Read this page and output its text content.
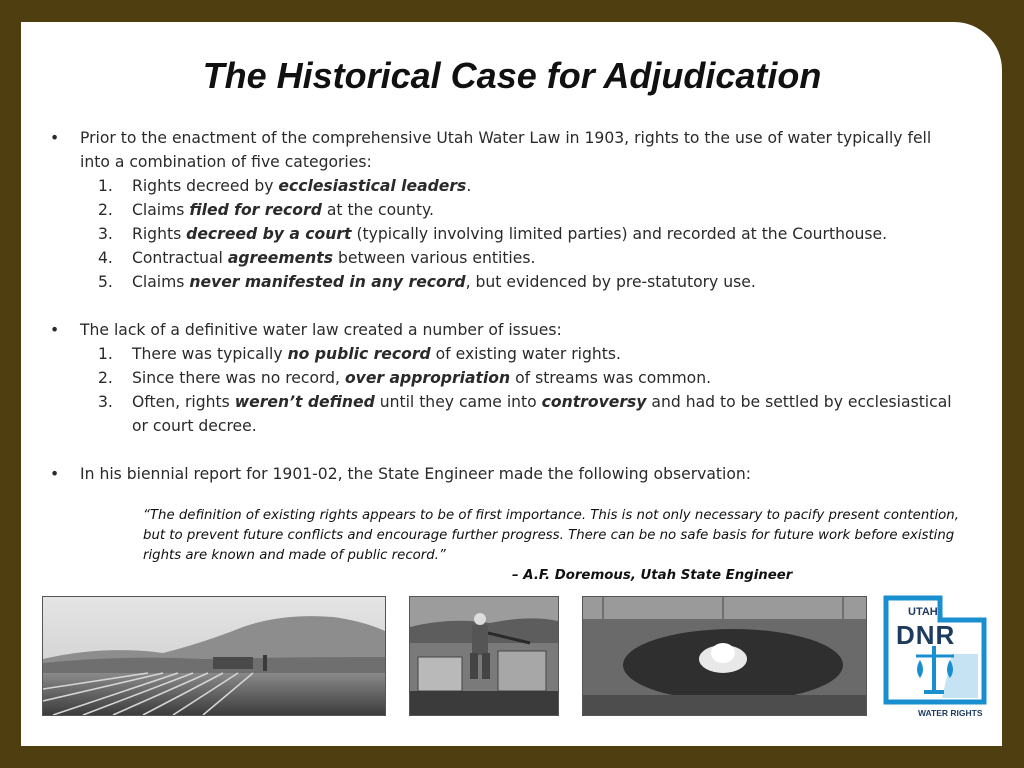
The Historical Case for Adjudication
• Prior to the enactment of the comprehensive Utah Water Law in 1903, rights to the use of water typically fell into a combination of five categories:
1. Rights decreed by ecclesiastical leaders.
2. Claims filed for record at the county.
3. Rights decreed by a court (typically involving limited parties) and recorded at the Courthouse.
4. Contractual agreements between various entities.
5. Claims never manifested in any record, but evidenced by pre-statutory use.
• The lack of a definitive water law created a number of issues:
1. There was typically no public record of existing water rights.
2. Since there was no record, over appropriation of streams was common.
3. Often, rights weren’t defined until they came into controversy and had to be settled by ecclesiastical or court decree.
• In his biennial report for 1901-02, the State Engineer made the following observation:
“The definition of existing rights appears to be of first importance. This is not only necessary to pacify present contention, but to prevent future conflicts and encourage further progress. There can be no safe basis for future work before existing rights are known and made of public record.”
– A.F. Doremous, Utah State Engineer
UTAH
DNR
WATER RIGHTS
